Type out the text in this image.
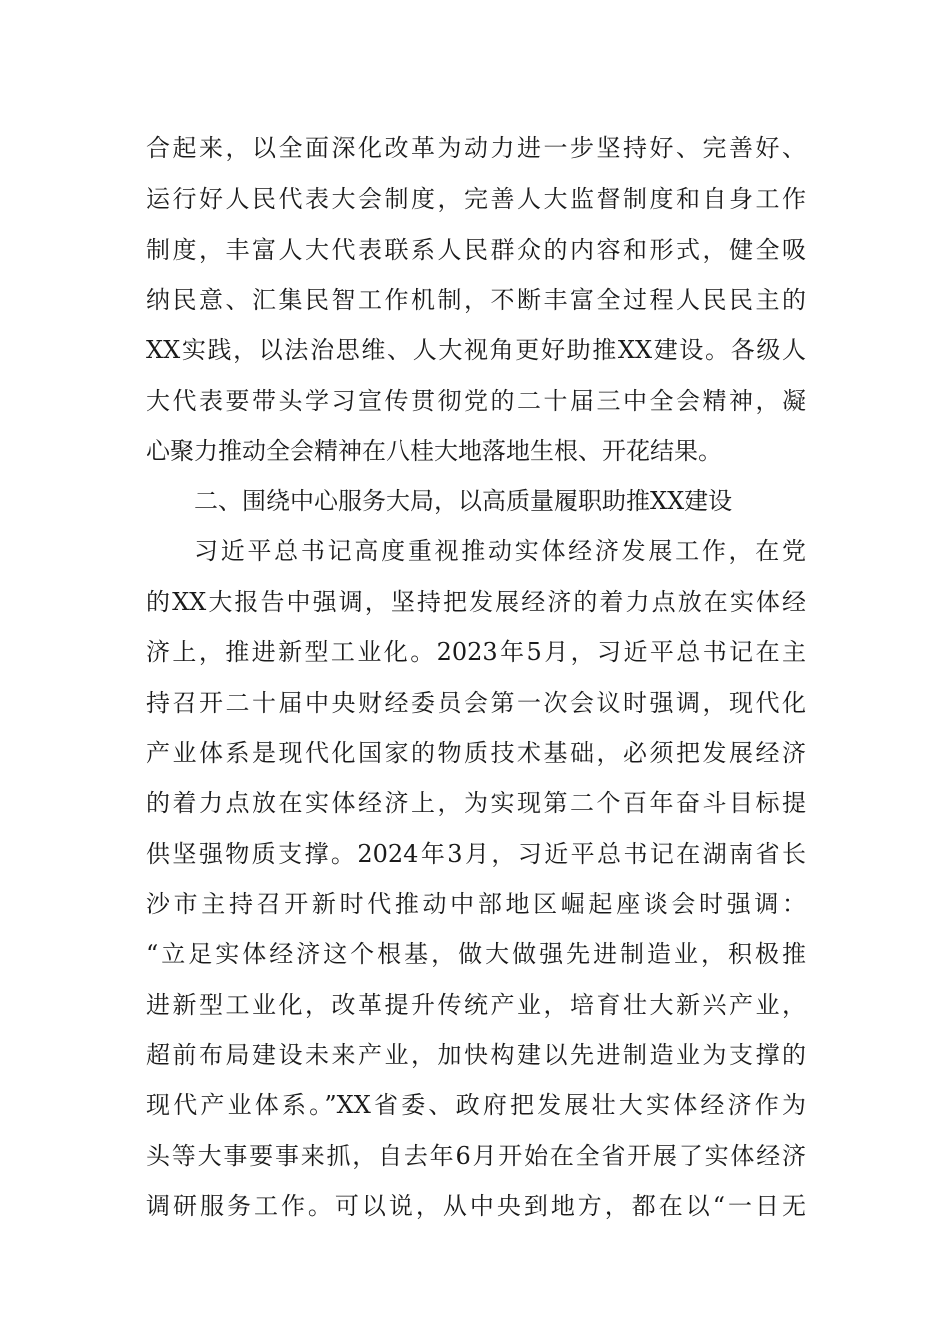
合起来，以全面深化改革为动力进一步坚持好、完善好、
运行好人民代表大会制度，完善人大监督制度和自身工作
制度，丰富人大代表联系人民群众的内容和形式，健全吸
纳民意、汇集民智工作机制，不断丰富全过程人民民主的
XX实践，以法治思维、人大视角更好助推XX建设。各级人
大代表要带头学习宣传贯彻党的二十届三中全会精神，凝
心聚力推动全会精神在八桂大地落地生根、开花结果。
二、围绕中心服务大局，以高质量履职助推XX建设
习近平总书记高度重视推动实体经济发展工作，在党
的XX大报告中强调，坚持把发展经济的着力点放在实体经
济上，推进新型工业化。2023年5月，习近平总书记在主
持召开二十届中央财经委员会第一次会议时强调，现代化
产业体系是现代化国家的物质技术基础，必须把发展经济
的着力点放在实体经济上，为实现第二个百年奋斗目标提
供坚强物质支撑。2024年3月，习近平总书记在湖南省长
沙市主持召开新时代推动中部地区崛起座谈会时强调：
“立足实体经济这个根基，做大做强先进制造业，积极推
进新型工业化，改革提升传统产业，培育壮大新兴产业，
超前布局建设未来产业，加快构建以先进制造业为支撑的
现代产业体系。”XX省委、政府把发展壮大实体经济作为
头等大事要事来抓，自去年6月开始在全省开展了实体经济
调研服务工作。可以说，从中央到地方，都在以“一日无
